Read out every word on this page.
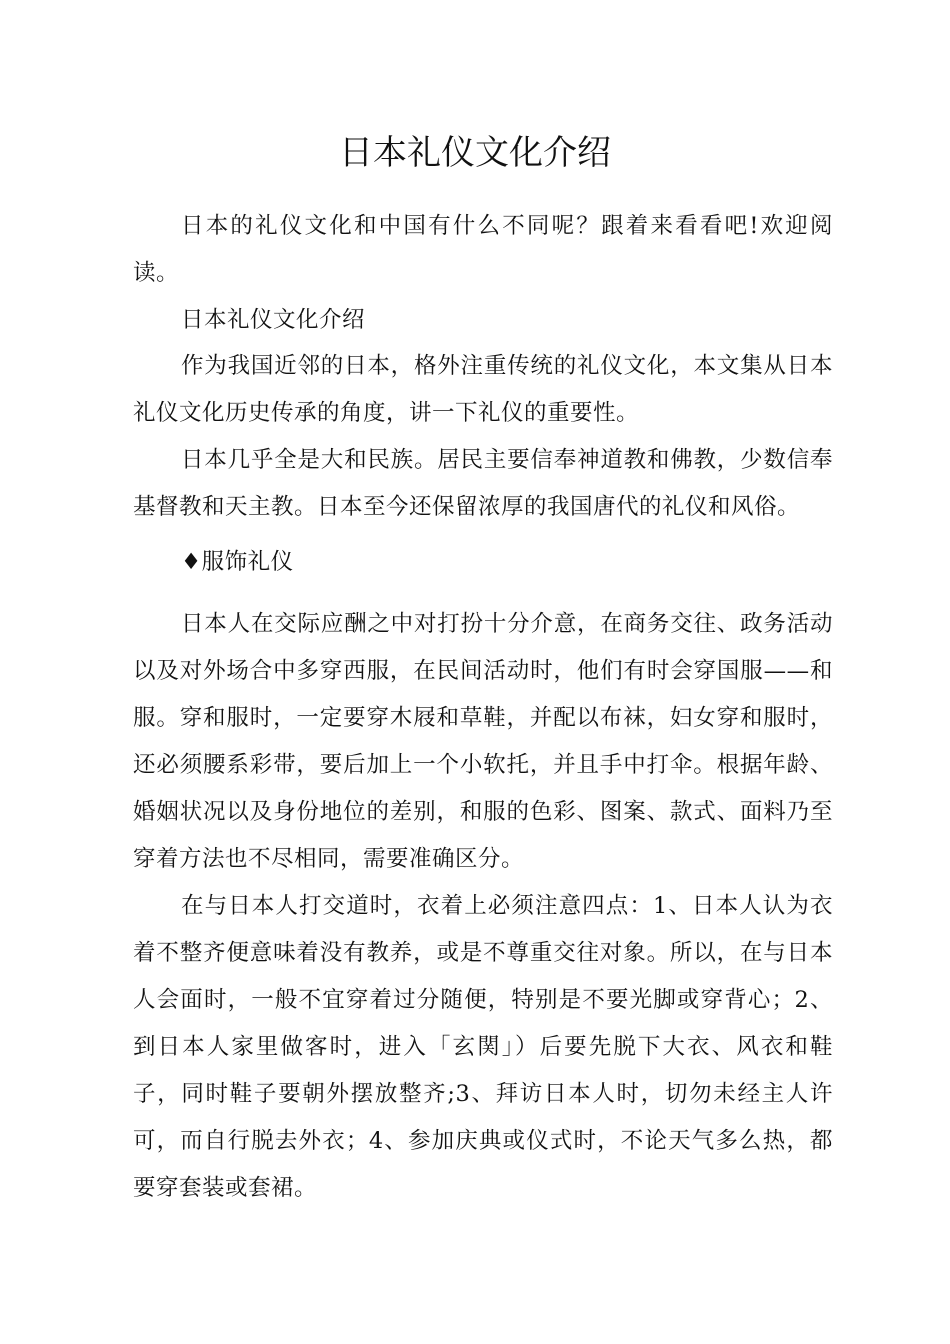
日本礼仪文化介绍

日本的礼仪文化和中国有什么不同呢？跟着来看看吧!欢迎阅读。

日本礼仪文化介绍

作为我国近邻的日本，格外注重传统的礼仪文化，本文集从日本礼仪文化历史传承的角度，讲一下礼仪的重要性。

日本几乎全是大和民族。居民主要信奉神道教和佛教，少数信奉基督教和天主教。日本至今还保留浓厚的我国唐代的礼仪和风俗。

♦服饰礼仪

日本人在交际应酬之中对打扮十分介意，在商务交往、政务活动以及对外场合中多穿西服，在民间活动时，他们有时会穿国服——和服。穿和服时，一定要穿木屐和草鞋，并配以布袜，妇女穿和服时，还必须腰系彩带，要后加上一个小软托，并且手中打伞。根据年龄、婚姻状况以及身份地位的差别，和服的色彩、图案、款式、面料乃至穿着方法也不尽相同，需要准确区分。

在与日本人打交道时，衣着上必须注意四点：1、日本人认为衣着不整齐便意味着没有教养，或是不尊重交往对象。所以，在与日本人会面时，一般不宜穿着过分随便，特别是不要光脚或穿背心；2、到日本人家里做客时，进入「玄関」）后要先脱下大衣、风衣和鞋子，同时鞋子要朝外摆放整齐;3、拜访日本人时，切勿未经主人许可，而自行脱去外衣；4、参加庆典或仪式时，不论天气多么热，都要穿套装或套裙。
